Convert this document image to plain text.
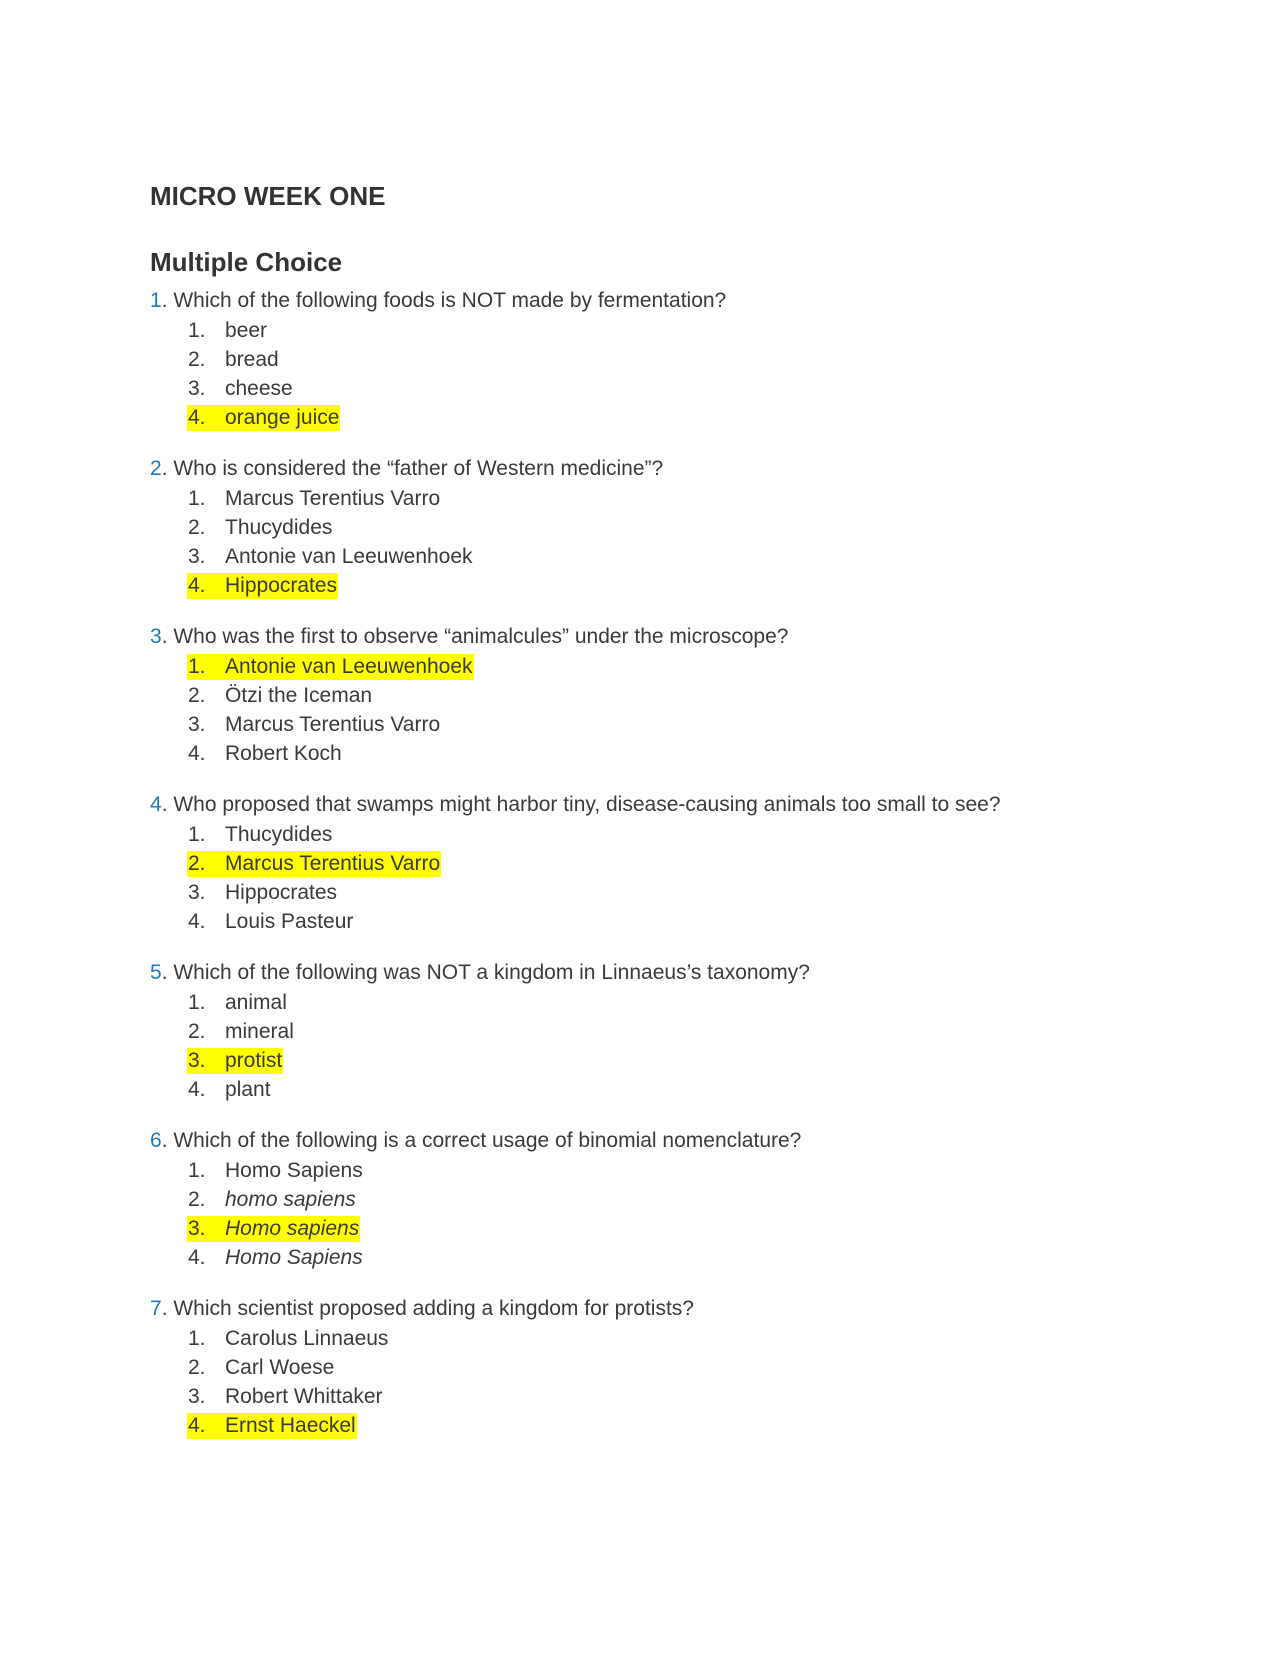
MICRO WEEK ONE
Multiple Choice
1. Which of the following foods is NOT made by fermentation?
1. beer
2. bread
3. cheese
4. orange juice
2. Who is considered the “father of Western medicine”?
1. Marcus Terentius Varro
2. Thucydides
3. Antonie van Leeuwenhoek
4. Hippocrates
3. Who was the first to observe “animalcules” under the microscope?
1. Antonie van Leeuwenhoek
2. Ötzi the Iceman
3. Marcus Terentius Varro
4. Robert Koch
4. Who proposed that swamps might harbor tiny, disease-causing animals too small to see?
1. Thucydides
2. Marcus Terentius Varro
3. Hippocrates
4. Louis Pasteur
5. Which of the following was NOT a kingdom in Linnaeus’s taxonomy?
1. animal
2. mineral
3. protist
4. plant
6. Which of the following is a correct usage of binomial nomenclature?
1. Homo Sapiens
2. homo sapiens
3. Homo sapiens
4. Homo Sapiens
7. Which scientist proposed adding a kingdom for protists?
1. Carolus Linnaeus
2. Carl Woese
3. Robert Whittaker
4. Ernst Haeckel
